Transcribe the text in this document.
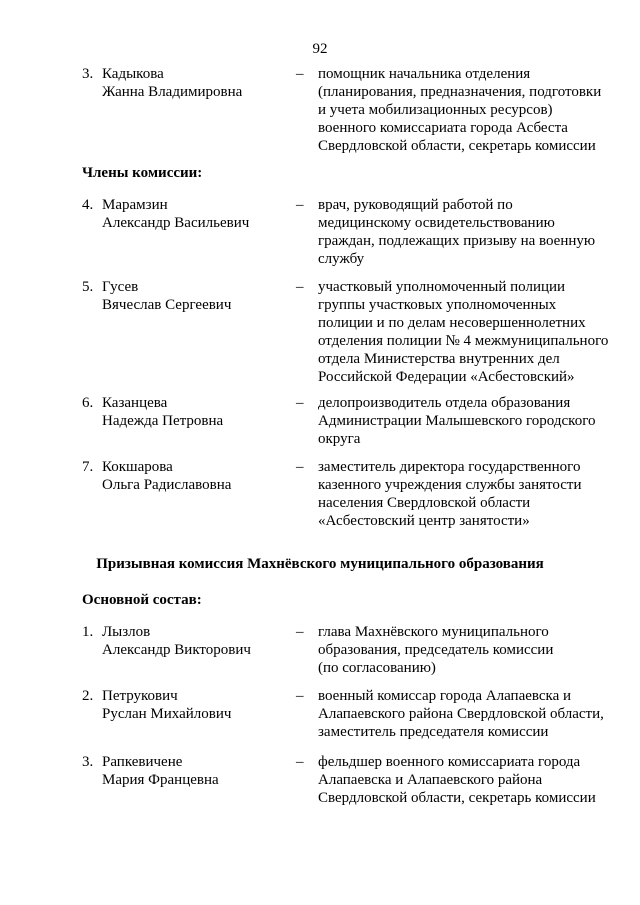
92
3. Кадыкова
Жанна Владимировна
– помощник начальника отделения
(планирования, предназначения, подготовки
и учета мобилизационных ресурсов)
военного комиссариата города Асбеста
Свердловской области, секретарь комиссии
Члены комиссии:
4. Марамзин
Александр Васильевич
– врач, руководящий работой по
медицинскому освидетельствованию
граждан, подлежащих призыву на военную
службу
5. Гусев
Вячеслав Сергеевич
– участковый уполномоченный полиции
группы участковых уполномоченных
полиции и по делам несовершеннолетних
отделения полиции № 4 межмуниципального
отдела Министерства внутренних дел
Российской Федерации «Асбестовский»
6. Казанцева
Надежда Петровна
– делопроизводитель отдела образования
Администрации Малышевского городского
округа
7. Кокшарова
Ольга Радиславовна
– заместитель директора государственного
казенного учреждения службы занятости
населения Свердловской области
«Асбестовский центр занятости»
Призывная комиссия Махнёвского муниципального образования
Основной состав:
1. Лызлов
Александр Викторович
– глава Махнёвского муниципального
образования, председатель комиссии
(по согласованию)
2. Петрукович
Руслан Михайлович
– военный комиссар города Алапаевска и
Алапаевского района Свердловской области,
заместитель председателя комиссии
3. Рапкевичене
Мария Францевна
– фельдшер военного комиссариата города
Алапаевска и Алапаевского района
Свердловской области, секретарь комиссии
